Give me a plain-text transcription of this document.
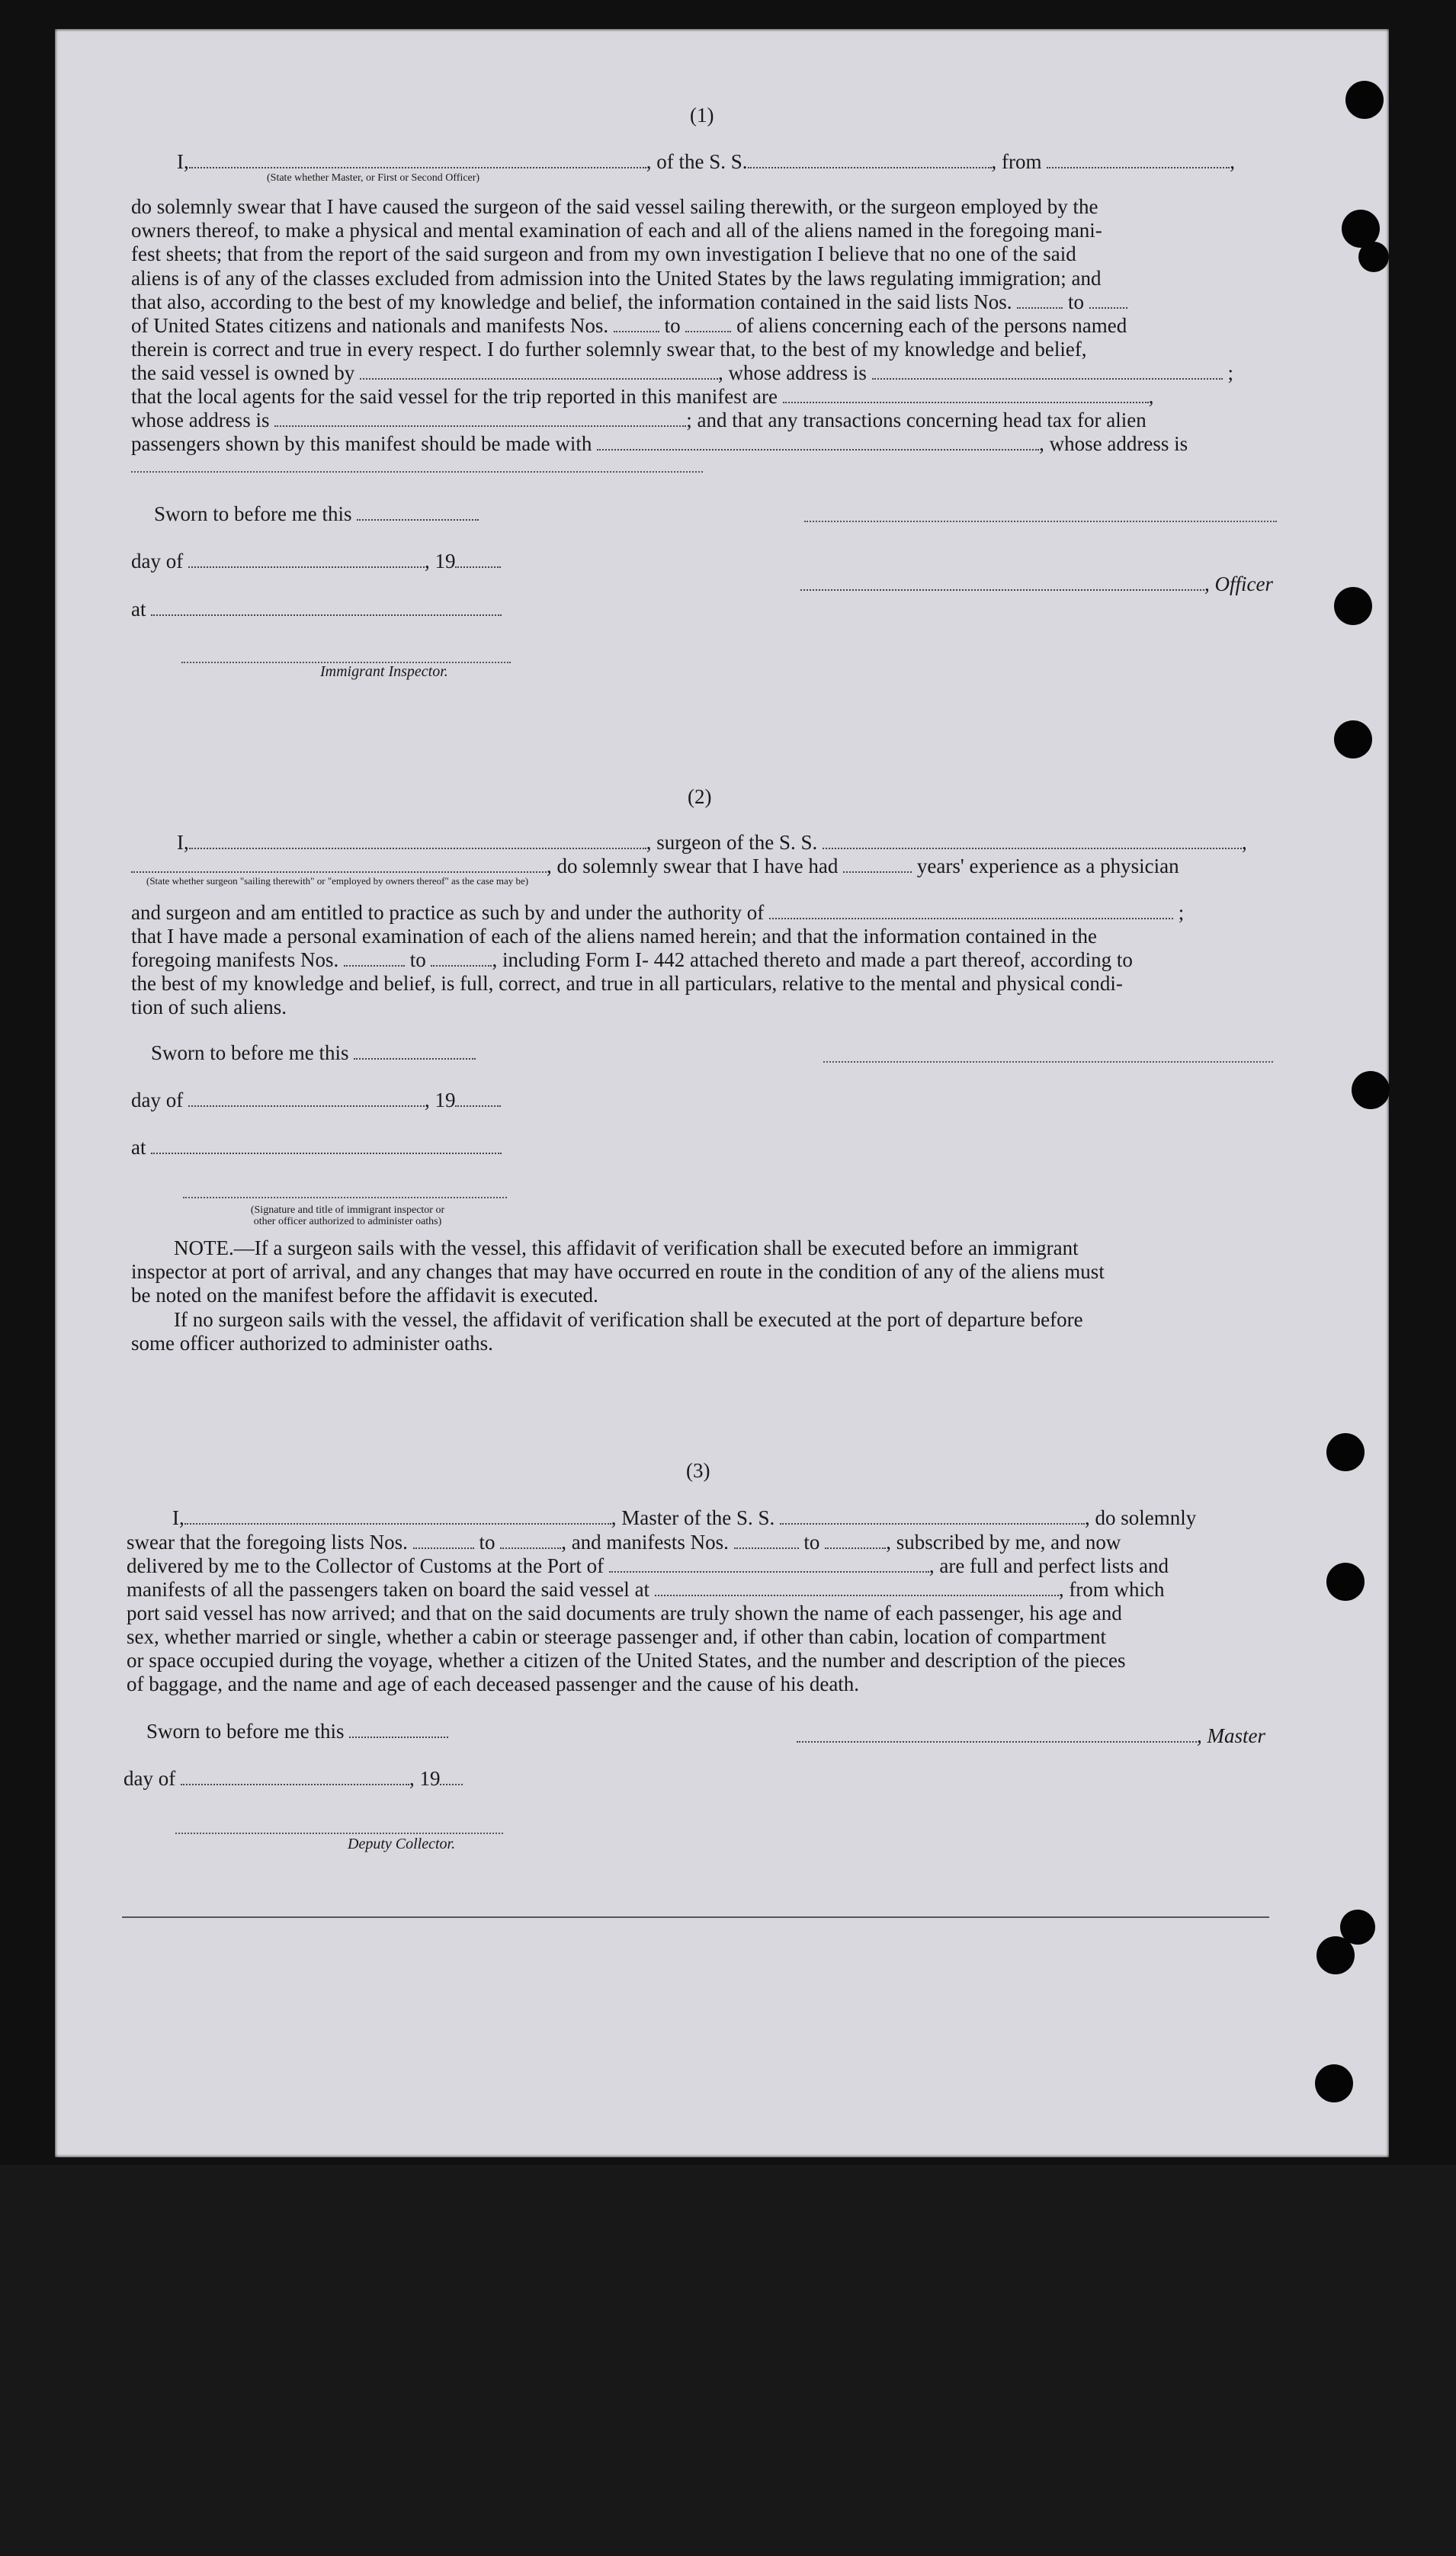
(1)
I,	, of the S. S.	, from	,
(State whether Master, or First or Second Officer)
do solemnly swear that I have caused the surgeon of the said vessel sailing therewith, or the surgeon employed by the
owners thereof, to make a physical and mental examination of each and all of the aliens named in the foregoing mani-
fest sheets; that from the report of the said surgeon and from my own investigation I believe that no one of the said
aliens is of any of the classes excluded from admission into the United States by the laws regulating immigration; and
that also, according to the best of my knowledge and belief, the information contained in the said lists Nos.	to
of United States citizens and nationals and manifests Nos.	to	of aliens concerning each of the persons named
therein is correct and true in every respect. I do further solemnly swear that, to the best of my knowledge and belief,
the said vessel is owned by	, whose address is	;
that the local agents for the said vessel for the trip reported in this manifest are	,
whose address is	; and that any transactions concerning head tax for alien
passengers shown by this manifest should be made with	, whose address is
Sworn to before me this
day of	, 19
, Officer
at
Immigrant Inspector.
(2)
I,	, surgeon of the S. S.	,
, do solemnly swear that I have had	years' experience as a physician
(State whether surgeon "sailing therewith" or "employed by owners thereof" as the case may be)
and surgeon and am entitled to practice as such by and under the authority of	;
that I have made a personal examination of each of the aliens named herein; and that the information contained in the
foregoing manifests Nos.	to	, including Form I- 442 attached thereto and made a part thereof, according to
the best of my knowledge and belief, is full, correct, and true in all particulars, relative to the mental and physical condi-
tion of such aliens.
Sworn to before me this
day of	, 19
at
(Signature and title of immigrant inspector or
other officer authorized to administer oaths)
NOTE.—If a surgeon sails with the vessel, this affidavit of verification shall be executed before an immigrant
inspector at port of arrival, and any changes that may have occurred en route in the condition of any of the aliens must
be noted on the manifest before the affidavit is executed.
If no surgeon sails with the vessel, the affidavit of verification shall be executed at the port of departure before
some officer authorized to administer oaths.
(3)
I,	, Master of the S. S.	, do solemnly
swear that the foregoing lists Nos.	to	, and manifests Nos.	to	, subscribed by me, and now
delivered by me to the Collector of Customs at the Port of	, are full and perfect lists and
manifests of all the passengers taken on board the said vessel at	, from which
port said vessel has now arrived; and that on the said documents are truly shown the name of each passenger, his age and
sex, whether married or single, whether a cabin or steerage passenger and, if other than cabin, location of compartment
or space occupied during the voyage, whether a citizen of the United States, and the number and description of the pieces
of baggage, and the name and age of each deceased passenger and the cause of his death.
Sworn to before me this	, Master
day of	, 19
Deputy Collector.
